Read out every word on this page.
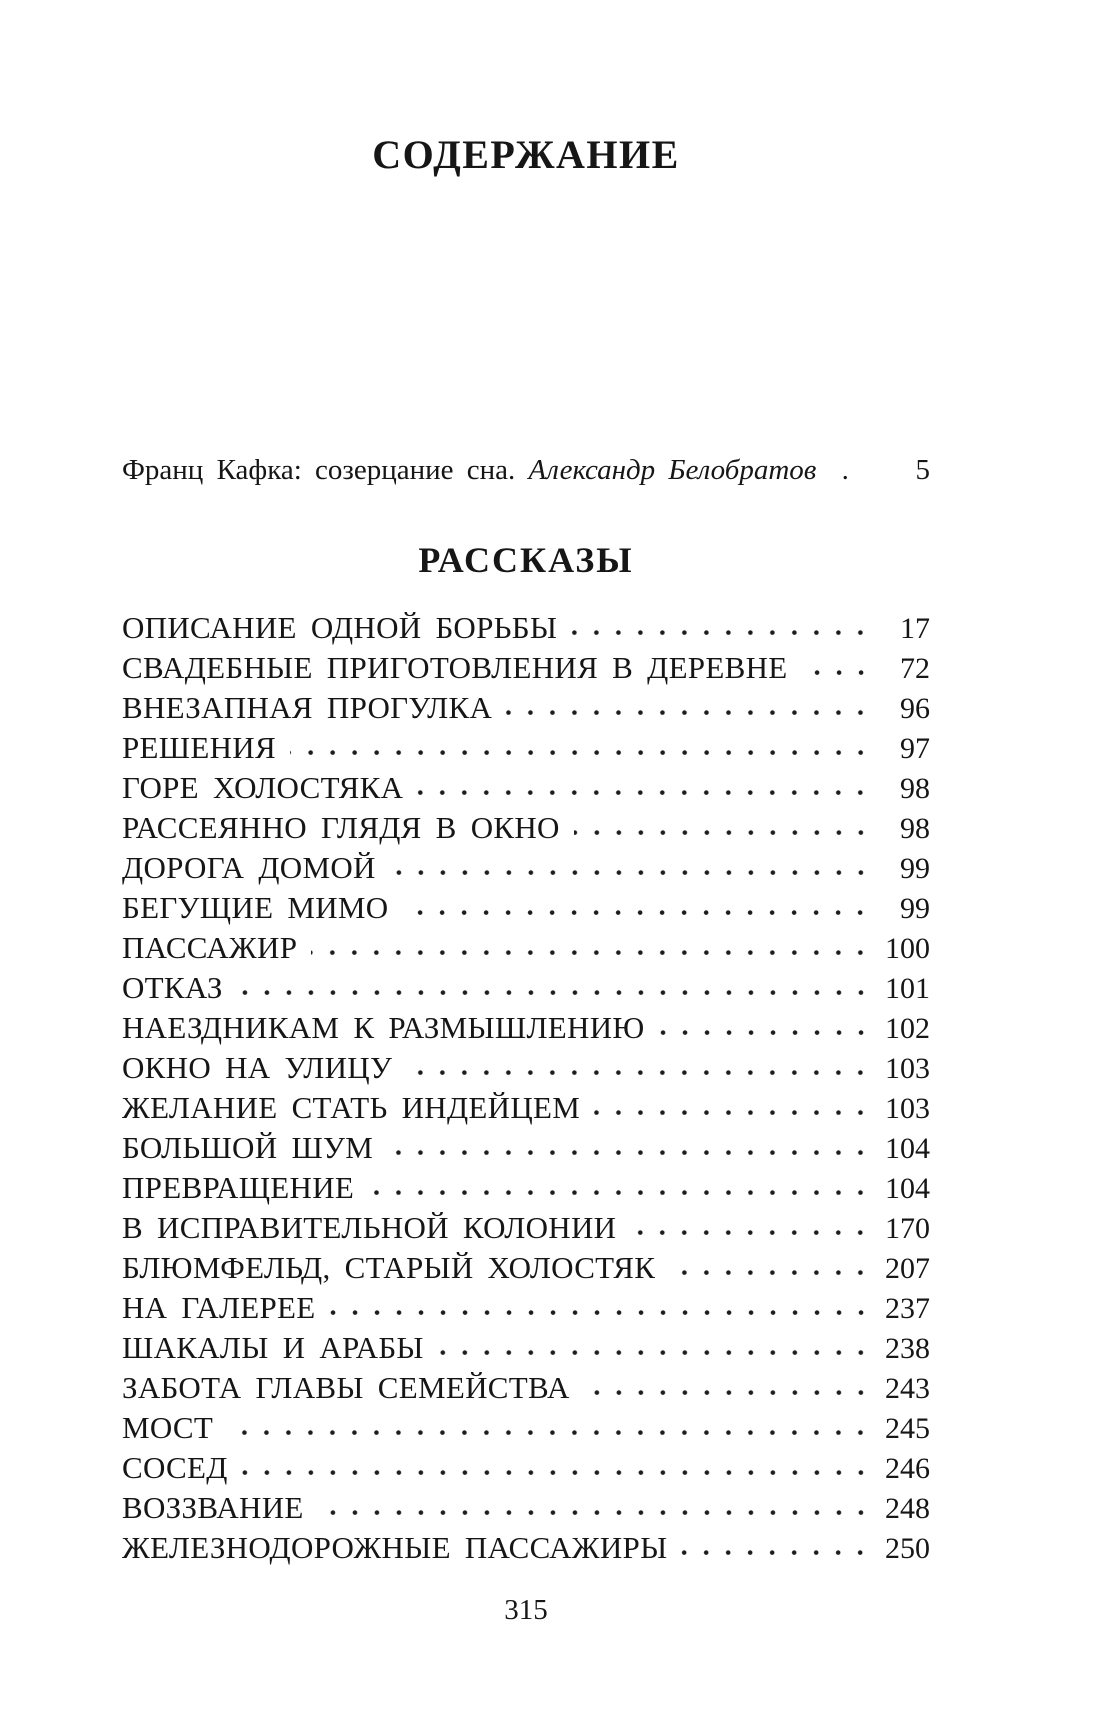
СОДЕРЖАНИЕ
Франц Кафка: созерцание сна. Александр Белобратов .	5
РАССКАЗЫ
ОПИСАНИЕ ОДНОЙ БОРЬБЫ	17
СВАДЕБНЫЕ ПРИГОТОВЛЕНИЯ В ДЕРЕВНЕ	72
ВНЕЗАПНАЯ ПРОГУЛКА	96
РЕШЕНИЯ	97
ГОРЕ ХОЛОСТЯКА	98
РАССЕЯННО ГЛЯДЯ В ОКНО	98
ДОРОГА ДОМОЙ	99
БЕГУЩИЕ МИМО	99
ПАССАЖИР	100
ОТКАЗ	101
НАЕЗДНИКАМ К РАЗМЫШЛЕНИЮ	102
ОКНО НА УЛИЦУ	103
ЖЕЛАНИЕ СТАТЬ ИНДЕЙЦЕМ	103
БОЛЬШОЙ ШУМ	104
ПРЕВРАЩЕНИЕ	104
В ИСПРАВИТЕЛЬНОЙ КОЛОНИИ	170
БЛЮМФЕЛЬД, СТАРЫЙ ХОЛОСТЯК	207
НА ГАЛЕРЕЕ	237
ШАКАЛЫ И АРАБЫ	238
ЗАБОТА ГЛАВЫ СЕМЕЙСТВА	243
МОСТ	245
СОСЕД	246
ВОЗЗВАНИЕ	248
ЖЕЛЕЗНОДОРОЖНЫЕ ПАССАЖИРЫ	250
315
